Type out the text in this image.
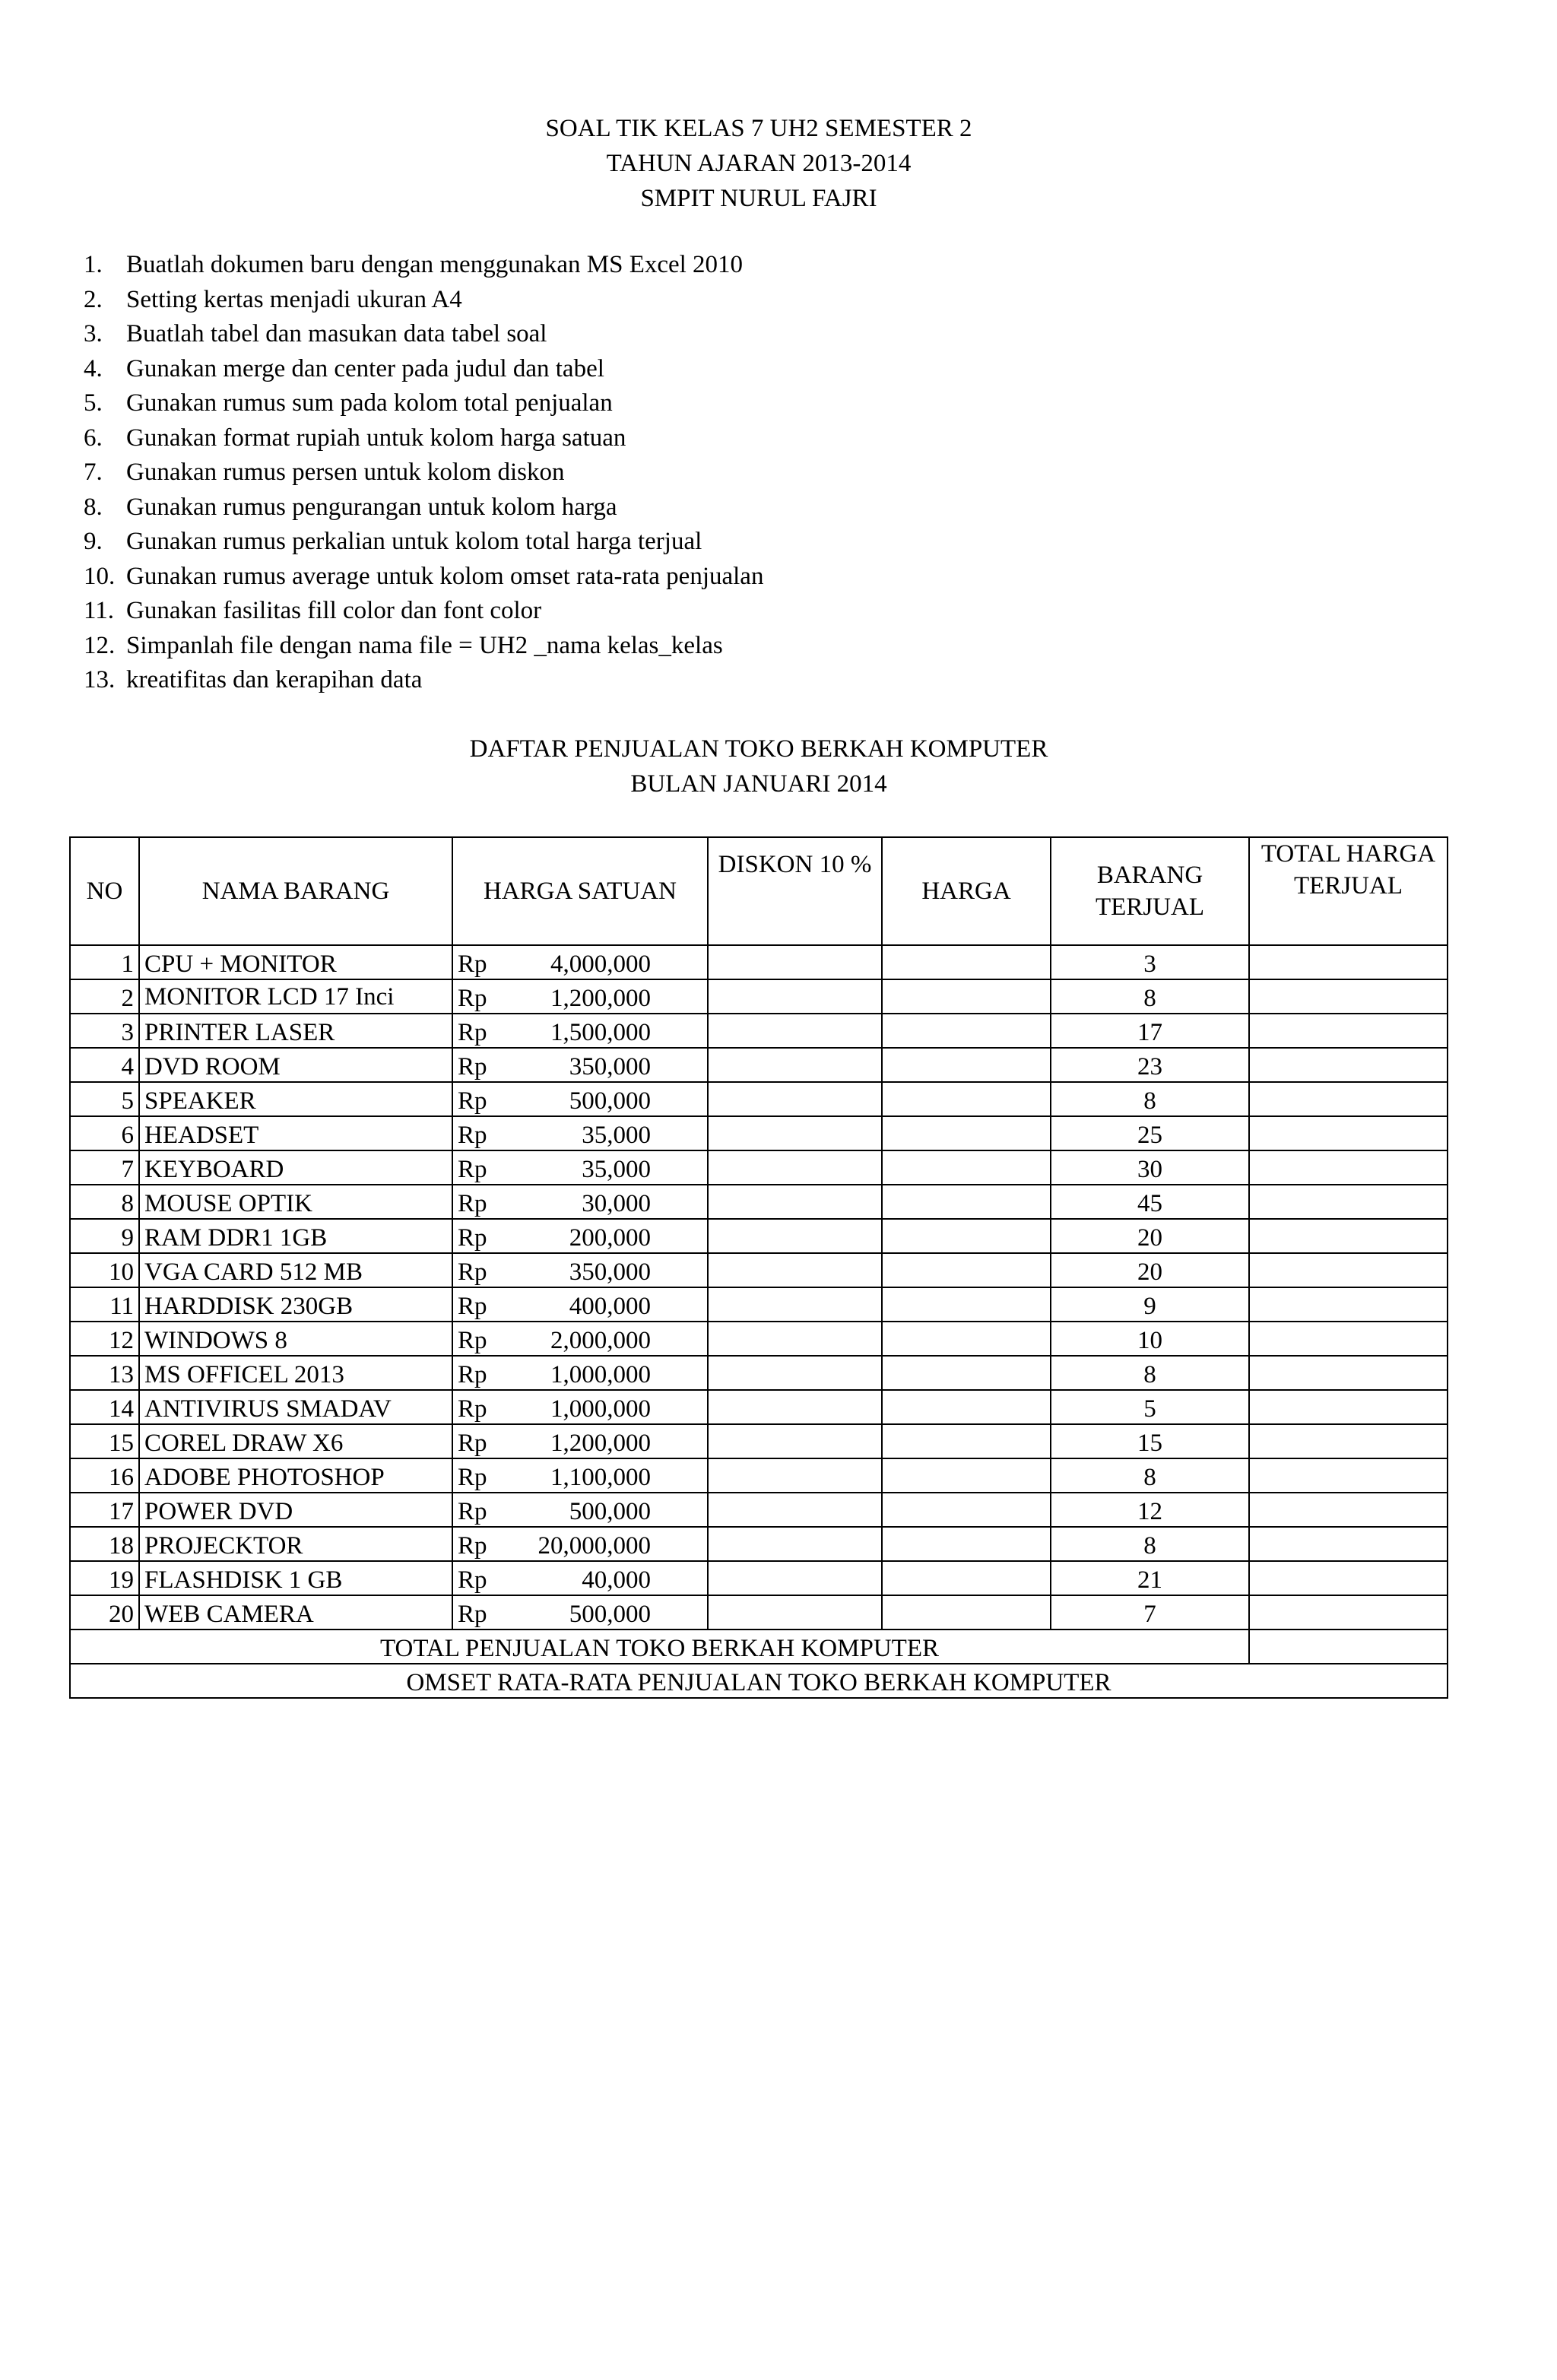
SOAL TIK KELAS 7 UH2 SEMESTER 2
TAHUN AJARAN 2013-2014
SMPIT NURUL FAJRI
1. Buatlah dokumen baru dengan menggunakan MS Excel 2010
2. Setting kertas menjadi ukuran A4
3. Buatlah tabel dan masukan data tabel soal
4. Gunakan merge dan center pada judul dan tabel
5. Gunakan rumus sum pada kolom total penjualan
6. Gunakan format rupiah untuk kolom harga satuan
7. Gunakan rumus persen untuk kolom diskon
8. Gunakan rumus pengurangan untuk kolom harga
9. Gunakan rumus perkalian untuk kolom total harga terjual
10. Gunakan rumus average untuk kolom omset rata-rata penjualan
11. Gunakan fasilitas fill color dan font color
12. Simpanlah file dengan nama file = UH2 _nama kelas_kelas
13. kreatifitas dan kerapihan data
DAFTAR PENJUALAN TOKO BERKAH KOMPUTER
BULAN JANUARI 2014
NO	NAMA BARANG	HARGA SATUAN	DISKON 10 %	HARGA	BARANG TERJUAL	TOTAL HARGA TERJUAL
1	CPU + MONITOR	Rp 4,000,000			3	
2	MONITOR LCD 17 Inci	Rp 1,200,000			8	
3	PRINTER LASER	Rp 1,500,000			17	
4	DVD ROOM	Rp 350,000			23	
5	SPEAKER	Rp 500,000			8	
6	HEADSET	Rp 35,000			25	
7	KEYBOARD	Rp 35,000			30	
8	MOUSE OPTIK	Rp 30,000			45	
9	RAM DDR1 1GB	Rp 200,000			20	
10	VGA CARD 512 MB	Rp 350,000			20	
11	HARDDISK 230GB	Rp 400,000			9	
12	WINDOWS 8	Rp 2,000,000			10	
13	MS OFFICEL 2013	Rp 1,000,000			8	
14	ANTIVIRUS SMADAV	Rp 1,000,000			5	
15	COREL DRAW X6	Rp 1,200,000			15	
16	ADOBE PHOTOSHOP	Rp 1,100,000			8	
17	POWER DVD	Rp 500,000			12	
18	PROJECKTOR	Rp 20,000,000			8	
19	FLASHDISK 1 GB	Rp 40,000			21	
20	WEB CAMERA	Rp 500,000			7	
TOTAL PENJUALAN TOKO BERKAH KOMPUTER						
OMSET RATA-RATA PENJUALAN TOKO BERKAH KOMPUTER						
